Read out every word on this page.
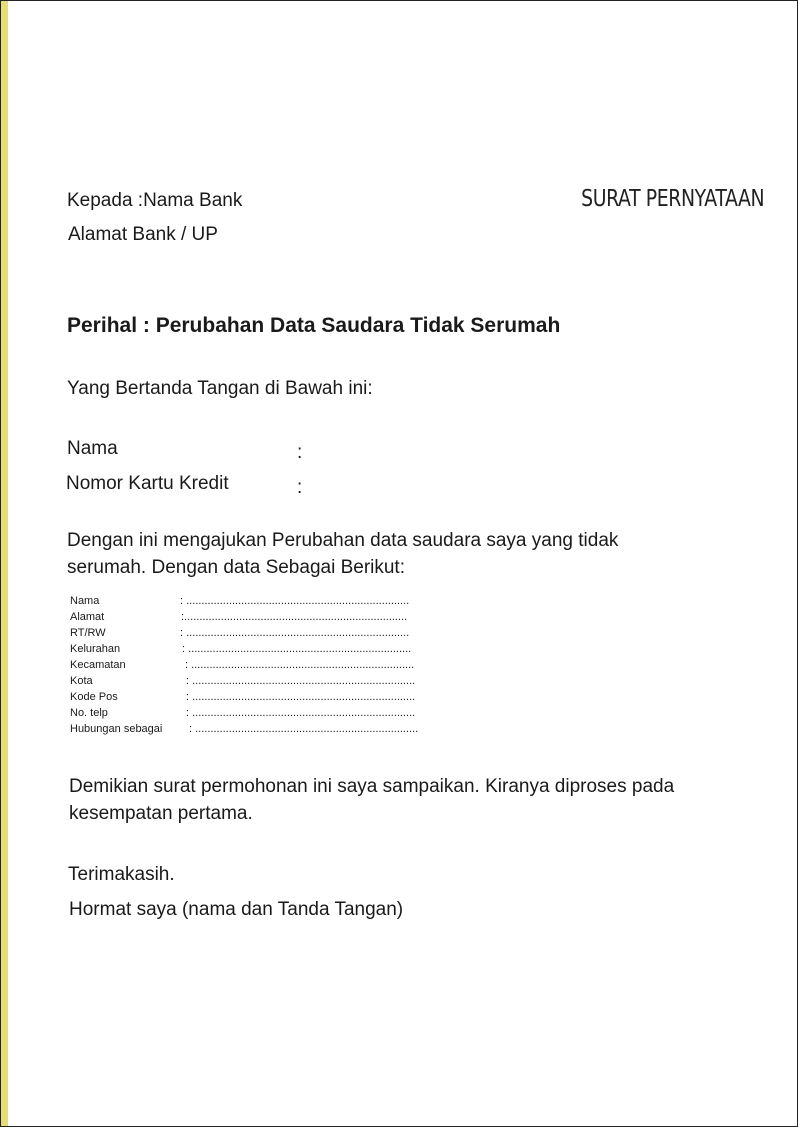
Kepada :Nama Bank
Alamat Bank / UP
SURAT PERNYATAAN
Perihal : Perubahan Data Saudara Tidak Serumah
Yang Bertanda Tangan di Bawah ini:
Nama	:
Nomor Kartu Kredit	:
Dengan ini mengajukan Perubahan data saudara saya yang tidak
serumah. Dengan data Sebagai Berikut:
Nama	: .........................................................................
Alamat	:.........................................................................
RT/RW	: .........................................................................
Kelurahan	: .........................................................................
Kecamatan	: .........................................................................
Kota	: .........................................................................
Kode Pos	: .........................................................................
No. telp	: .........................................................................
Hubungan sebagai : .........................................................................
Demikian surat permohonan ini saya sampaikan. Kiranya diproses pada
kesempatan pertama.
Terimakasih.
Hormat saya (nama dan Tanda Tangan)
